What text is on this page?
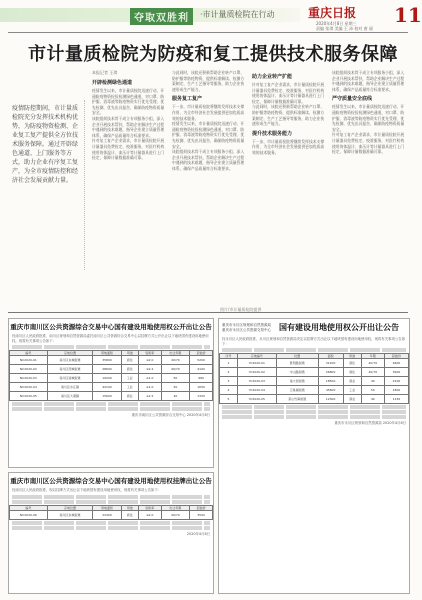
夺取双胜利	·市计量质检院在行动	重庆日报 11
2020年4月8日 星期三
责编 张琪 美编 王 沛 校对 唐 丽
市计量质检院为防疫和复工提供技术服务保障
疫情防控期间，市计量质检院充分发挥技术机构优势，为防疫物资检测、企业复工复产提供全方位技术服务保障。通过开辟绿色通道、上门服务等方式，助力企业有序复工复产，为全市疫情防控和经济社会发展贡献力量。
本报记者 王琪
开辟检测绿色通道
疫情发生以来，市计量质检院迅速行动，开通防疫物资检验检测绿色通道，对口罩、防护服、消毒液等防疫物资实行优先受理、优先检测、优先出具报告，确保防疫物资质量安全。
该院组织技术骨干成立专项服务小组，深入企业开展技术帮扶，帮助企业解决生产过程中遇到的技术难题，指导企业建立质量管理体系，确保产品质量符合标准要求。
针对复工复产企业需求，市计量质检院开展计量器具免费检定、校准服务，对医疗机构使用的体温计、血压计等计量器具进行上门检定，保障计量数据准确可靠。
与此同时，该院还积极帮助企业转产口罩、防护服等防疫物资，提供标准解读、检测方案制定、生产工艺指导等服务，助力企业快速形成生产能力。
服务复工复产
下一步，市计量质检院将继续发挥技术支撑作用，为全市经济社会发展提供更加优质高效的技术服务。
疫情发生以来，市计量质检院迅速行动，开通防疫物资检验检测绿色通道，对口罩、防护服、消毒液等防疫物资实行优先受理、优先检测、优先出具报告，确保防疫物资质量安全。
该院组织技术骨干成立专项服务小组，深入企业开展技术帮扶，帮助企业解决生产过程中遇到的技术难题，指导企业建立质量管理体系，确保产品质量符合标准要求。
助力企业转产扩能
针对复工复产企业需求，市计量质检院开展计量器具免费检定、校准服务，对医疗机构使用的体温计、血压计等计量器具进行上门检定，保障计量数据准确可靠。
与此同时，该院还积极帮助企业转产口罩、防护服等防疫物资，提供标准解读、检测方案制定、生产工艺指导等服务，助力企业快速形成生产能力。
提升技术服务能力
下一步，市计量质检院将继续发挥技术支撑作用，为全市经济社会发展提供更加优质高效的技术服务。
该院组织技术骨干成立专项服务小组，深入企业开展技术帮扶，帮助企业解决生产过程中遇到的技术难题，指导企业建立质量管理体系，确保产品质量符合标准要求。
严守质量安全底线
疫情发生以来，市计量质检院迅速行动，开通防疫物资检验检测绿色通道，对口罩、防护服、消毒液等防疫物资实行优先受理、优先检测、优先出具报告，确保防疫物资质量安全。
针对复工复产企业需求，市计量质检院开展计量器具免费检定、校准服务，对医疗机构使用的体温计、血压计等计量器具进行上门检定，保障计量数据准确可靠。
图片/市计量质检院提供
重庆市南川区公共资源综合交易中心国有建设用地使用权公开出让公告
经南川区人民政府批准，南川区规划和自然资源局委托南川区公共资源综合交易中心以挂牌方式公开出让以下地块国有建设用地使用权。现将有关事项公告如下：
编号	宗地位置	用地面积	用途	容积率	出让年限	起始价
NC2020-01	南川区东城街道	35800	商住	≤2.0	40/70	5200
NC2020-02	南川区西城街道	28600	商住	≤2.2	40/70	4100
NC2020-03	南川区南城街道	19200	工业	≥1.0	50	980
NC2020-04	南川区水江镇	42100	工业	≥1.0	50	1650
NC2020-05	南川区大观镇	15600	商业	≤1.5	40	1320
重庆市南川区公共资源综合交易中心 2020年4月8日
重庆市南川区公共资源综合交易中心国有建设用地使用权挂牌出让公告
经南川区人民政府批准，现以挂牌方式出让以下地块国有建设用地使用权，现将有关事项公告如下：
编号	宗地位置	用地面积	用途	容积率	出让年限	起始价
NC2020-06	南川区东城街道	22400	商住	≤2.0	40/70	3500
2020年4月8日
重庆市永川区规划和自然资源局 重庆市永川区公共资源交易中心	国有建设用地使用权公开出让公告
经永川区人民政府批准，永川区规划和自然资源局决定以挂牌方式出让以下地块国有建设用地使用权，现将有关事项公告如下：
序号	宗地编号	位置	面积	用途	年限	起始价
1	YC2020-01	胜利路街道	31200	商住	40/70	4600
2	YC2020-02	中山路街道	26800	商住	40/70	3900
3	YC2020-03	南大街街道	18500	商业	40	2100
4	YC2020-04	卫星湖街道	45600	工业	50	1800
5	YC2020-05	茶山竹海街道	12300	商业	40	1150
重庆市永川区规划和自然资源局 2020年4月8日
